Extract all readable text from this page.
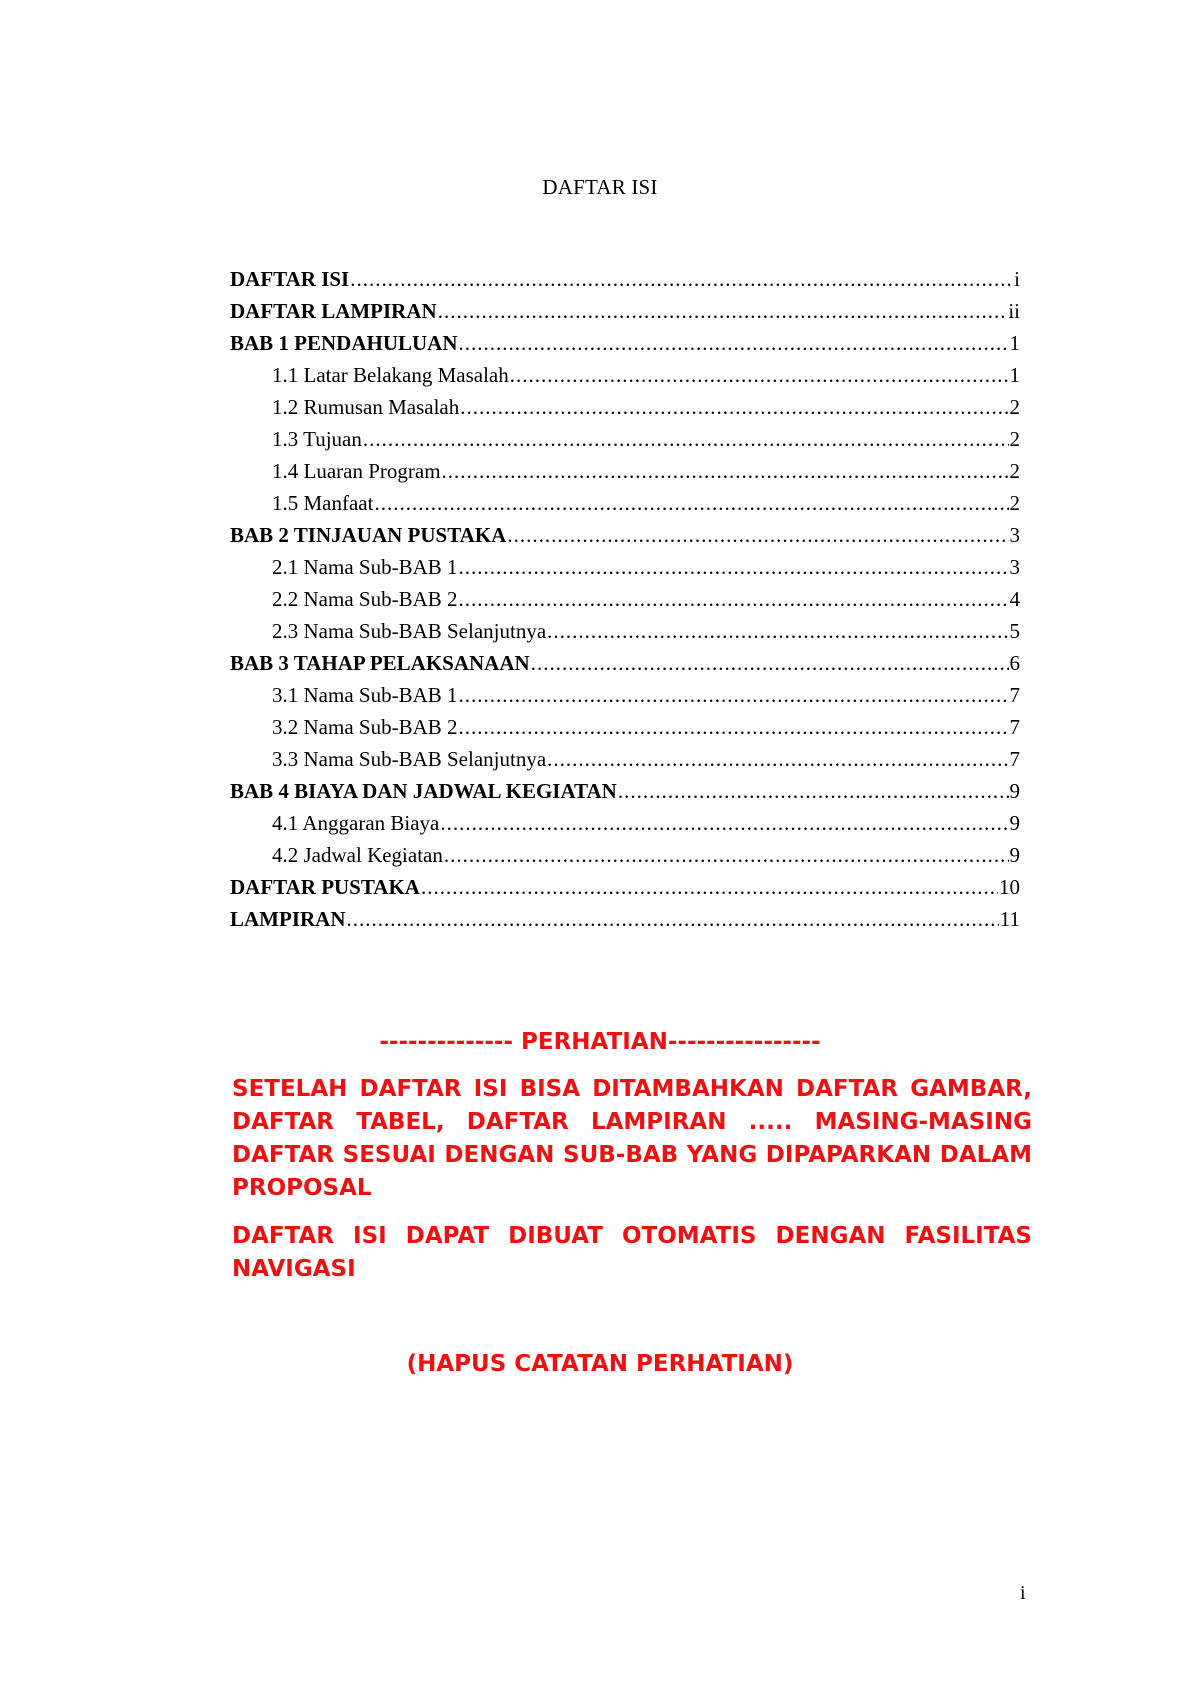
DAFTAR ISI
DAFTAR ISI .....	i
DAFTAR LAMPIRAN .....	ii
BAB 1 PENDAHULUAN .....	1
1.1 Latar Belakang Masalah .....	1
1.2 Rumusan Masalah .....	2
1.3 Tujuan .....	2
1.4 Luaran Program .....	2
1.5 Manfaat .....	2
BAB 2 TINJAUAN PUSTAKA .....	3
2.1 Nama Sub-BAB 1 .....	3
2.2 Nama Sub-BAB 2 .....	4
2.3 Nama Sub-BAB Selanjutnya .....	5
BAB 3 TAHAP PELAKSANAAN .....	6
3.1 Nama Sub-BAB 1 .....	7
3.2 Nama Sub-BAB 2 .....	7
3.3 Nama Sub-BAB Selanjutnya .....	7
BAB 4 BIAYA DAN JADWAL KEGIATAN .....	9
4.1 Anggaran Biaya .....	9
4.2 Jadwal Kegiatan .....	9
DAFTAR PUSTAKA .....	10
LAMPIRAN .....	11
-------------- PERHATIAN----------------
SETELAH DAFTAR ISI BISA DITAMBAHKAN DAFTAR GAMBAR, DAFTAR TABEL, DAFTAR LAMPIRAN ..... MASING-MASING DAFTAR SESUAI DENGAN SUB-BAB YANG DIPAPARKAN DALAM PROPOSAL
DAFTAR ISI DAPAT DIBUAT OTOMATIS DENGAN FASILITAS NAVIGASI
(HAPUS CATATAN PERHATIAN)
i
